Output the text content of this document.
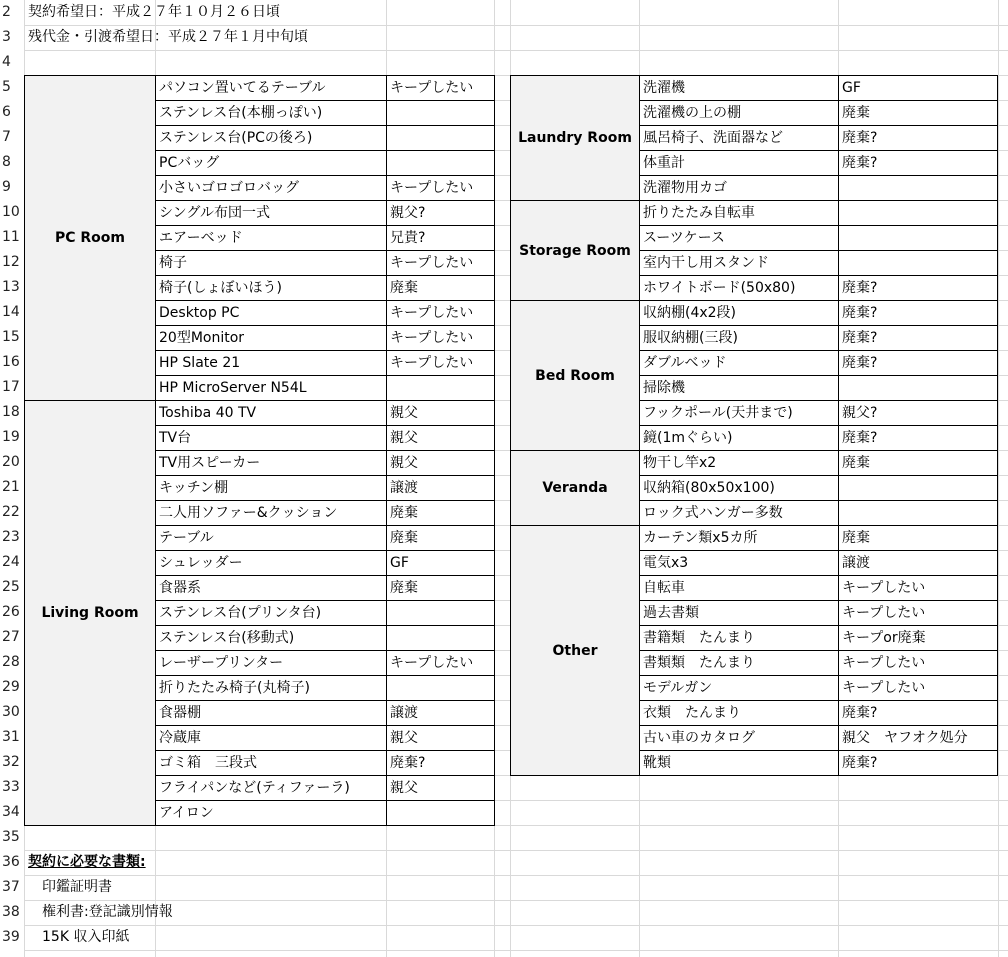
2
3
4
5
6
7
8
9
10
11
12
13
14
15
16
17
18
19
20
21
22
23
24
25
26
27
28
29
30
31
32
33
34
35
36
37
38
39
契約希望日：平成２７年１０月２６日頃
残代金・引渡希望日：平成２７年１月中旬頃
PC Room
パソコン置いてるテーブル	キープしたい
ステンレス台(本棚っぽい)
ステンレス台(PCの後ろ)
PCバッグ
小さいゴロゴロバッグ	キープしたい
シングル布団一式	親父?
エアーベッド	兄貴?
椅子	キープしたい
椅子(しょぼいほう)	廃棄
Desktop PC	キープしたい
20型Monitor	キープしたい
HP Slate 21	キープしたい
HP MicroServer N54L
Living Room
Toshiba 40 TV	親父
TV台	親父
TV用スピーカー	親父
キッチン棚	譲渡
二人用ソファー&クッション	廃棄
テーブル	廃棄
シュレッダー	GF
食器系	廃棄
ステンレス台(プリンタ台)
ステンレス台(移動式)
レーザープリンター	キープしたい
折りたたみ椅子(丸椅子)
食器棚	譲渡
冷蔵庫	親父
ゴミ箱　三段式	廃棄?
フライパンなど(ティファーラ)	親父
アイロン
Laundry Room
洗濯機	GF
洗濯機の上の棚	廃棄
風呂椅子、洗面器など	廃棄?
体重計	廃棄?
洗濯物用カゴ
Storage Room
折りたたみ自転車
スーツケース
室内干し用スタンド
ホワイトボード(50x80)	廃棄?
Bed Room
収納棚(4x2段)	廃棄?
服収納棚(三段)	廃棄?
ダブルベッド	廃棄?
掃除機
フックポール(天井まで)	親父?
鏡(1mぐらい)	廃棄?
Veranda
物干し竿x2	廃棄
収納箱(80x50x100)
ロック式ハンガー多数
Other
カーテン類x5カ所	廃棄
電気x3	譲渡
自転車	キープしたい
過去書類	キープしたい
書籍類　たんまり	キープor廃棄
書類類　たんまり	キープしたい
モデルガン	キープしたい
衣類　たんまり	廃棄?
古い車のカタログ	親父　ヤフオク処分
靴類	廃棄?
契約に必要な書類:
印鑑証明書
権利書:登記識別情報
15K 収入印紙
